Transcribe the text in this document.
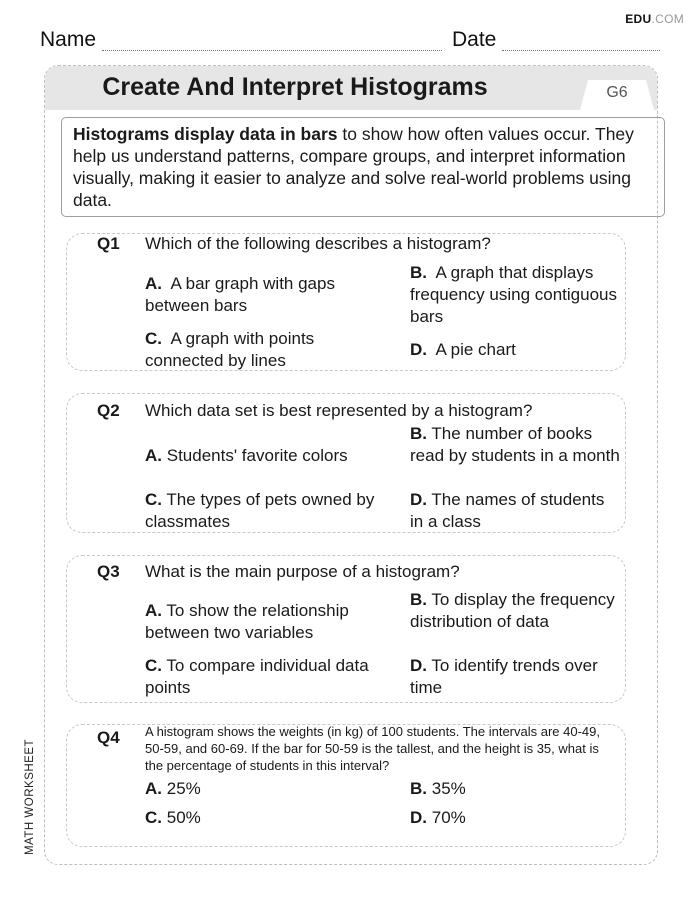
EDU.COM
Name	Date
Create And Interpret Histograms	G6
Histograms display data in bars to show how often values occur. They help us understand patterns, compare groups, and interpret information visually, making it easier to analyze and solve real-world problems using data.
Q1 Which of the following describes a histogram?
A. A bar graph with gaps between bars
B. A graph that displays frequency using contiguous bars
C. A graph with points connected by lines
D. A pie chart
Q2 Which data set is best represented by a histogram?
A. Students' favorite colors
B. The number of books read by students in a month
C. The types of pets owned by classmates
D. The names of students in a class
Q3 What is the main purpose of a histogram?
A. To show the relationship between two variables
B. To display the frequency distribution of data
C. To compare individual data points
D. To identify trends over time
Q4 A histogram shows the weights (in kg) of 100 students. The intervals are 40-49, 50-59, and 60-69. If the bar for 50-59 is the tallest, and the height is 35, what is the percentage of students in this interval?
A. 25%	B. 35%
C. 50%	D. 70%
MATH WORKSHEET
